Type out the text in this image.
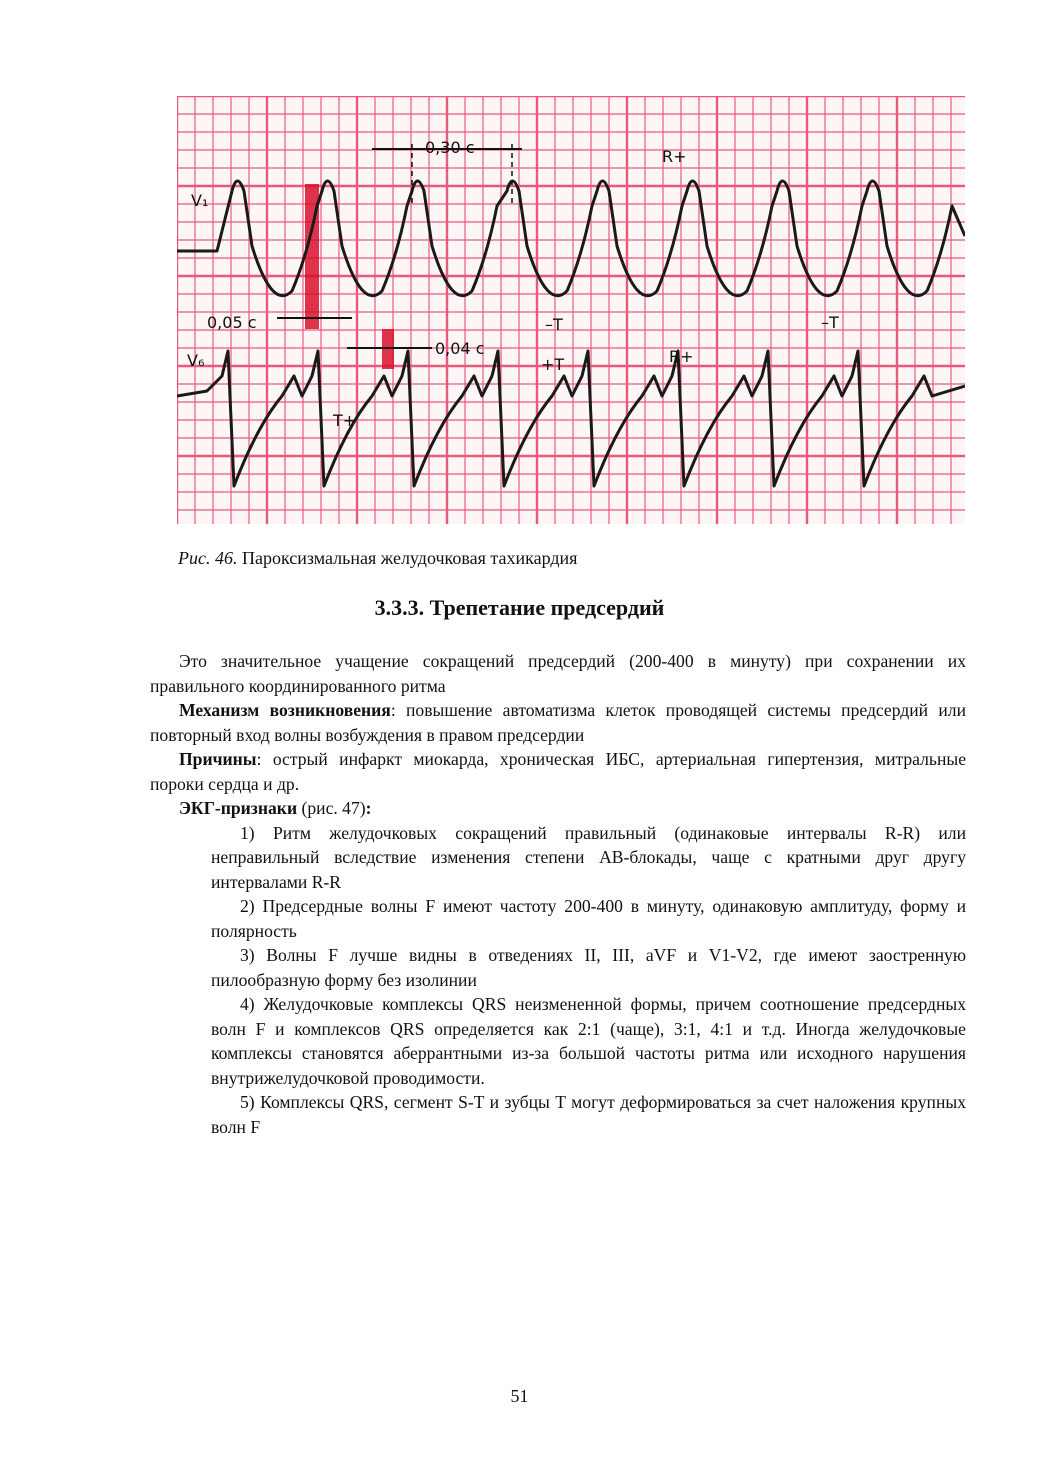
V₁
V₆
0,30 с	R+
–T	–T
0,05 с
0,04 с
+T	R+
T+
Рис. 46. Пароксизмальная желудочковая тахикардия
3.3.3. Трепетание предсердий

Это значительное учащение сокращений предсердий (200-400 в минуту) при сохранении их правильного координированного ритма

Механизм возникновения: повышение автоматизма клеток проводящей системы предсердий или повторный вход волны возбуждения в правом предсердии

Причины: острый инфаркт миокарда, хроническая ИБС, артериальная гипертензия, митральные пороки сердца и др.

ЭКГ-признаки (рис. 47):

1) Ритм желудочковых сокращений правильный (одинаковые интервалы R-R) или неправильный вследствие изменения степени АВ-блокады, чаще с кратными друг другу интервалами R-R
2) Предсердные волны F имеют частоту 200-400 в минуту, одинаковую амплитуду, форму и полярность
3) Волны F лучше видны в отведениях II, III, aVF и V1-V2, где имеют заостренную пилообразную форму без изолинии
4) Желудочковые комплексы QRS неизмененной формы, причем соотношение предсердных волн F и комплексов QRS определяется как 2:1 (чаще), 3:1, 4:1 и т.д. Иногда желудочковые комплексы становятся аберрантными из-за большой частоты ритма или исходного нарушения внутрижелудочковой проводимости.
5) Комплексы QRS, сегмент S-T и зубцы T могут деформироваться за счет наложения крупных волн F
51
